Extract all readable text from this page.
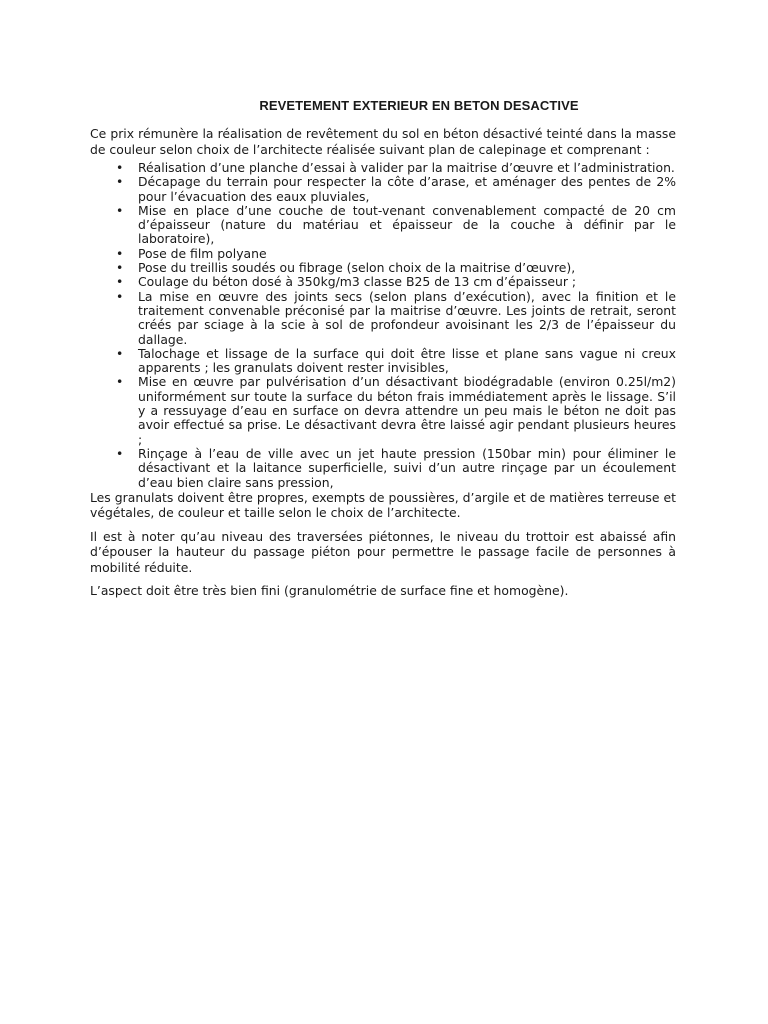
REVETEMENT EXTERIEUR EN BETON DESACTIVE

Ce prix rémunère la réalisation de revêtement du sol en béton désactivé teinté dans la masse de couleur selon choix de l’architecte réalisée suivant plan de calepinage et comprenant :

• Réalisation d’une planche d’essai à valider par la maitrise d’œuvre et l’administration.
• Décapage du terrain pour respecter la côte d’arase, et aménager des pentes de 2% pour l’évacuation des eaux pluviales,
• Mise en place d’une couche de tout-venant convenablement compacté de 20 cm d’épaisseur (nature du matériau et épaisseur de la couche à définir par le laboratoire),
• Pose de film polyane
• Pose du treillis soudés ou fibrage (selon choix de la maitrise d’œuvre),
• Coulage du béton dosé à 350kg/m3 classe B25 de 13 cm d’épaisseur ;
• La mise en œuvre des joints secs (selon plans d’exécution), avec la finition et le traitement convenable préconisé par la maitrise d’œuvre. Les joints de retrait, seront créés par sciage à la scie à sol de profondeur avoisinant les 2/3 de l’épaisseur du dallage.
• Talochage et lissage de la surface qui doit être lisse et plane sans vague ni creux apparents ; les granulats doivent rester invisibles,
• Mise en œuvre par pulvérisation d’un désactivant biodégradable (environ 0.25l/m2) uniformément sur toute la surface du béton frais immédiatement après le lissage. S’il y a ressuyage d’eau en surface on devra attendre un peu mais le béton ne doit pas avoir effectué sa prise. Le désactivant devra être laissé agir pendant plusieurs heures ;
• Rinçage à l’eau de ville avec un jet haute pression (150bar min) pour éliminer le désactivant et la laitance superficielle, suivi d’un autre rinçage par un écoulement d’eau bien claire sans pression,

Les granulats doivent être propres, exempts de poussières, d’argile et de matières terreuse et végétales, de couleur et taille selon le choix de l’architecte.

Il est à noter qu’au niveau des traversées piétonnes, le niveau du trottoir est abaissé afin d’épouser la hauteur du passage piéton pour permettre le passage facile de personnes à mobilité réduite.

L’aspect doit être très bien fini (granulométrie de surface fine et homogène).
